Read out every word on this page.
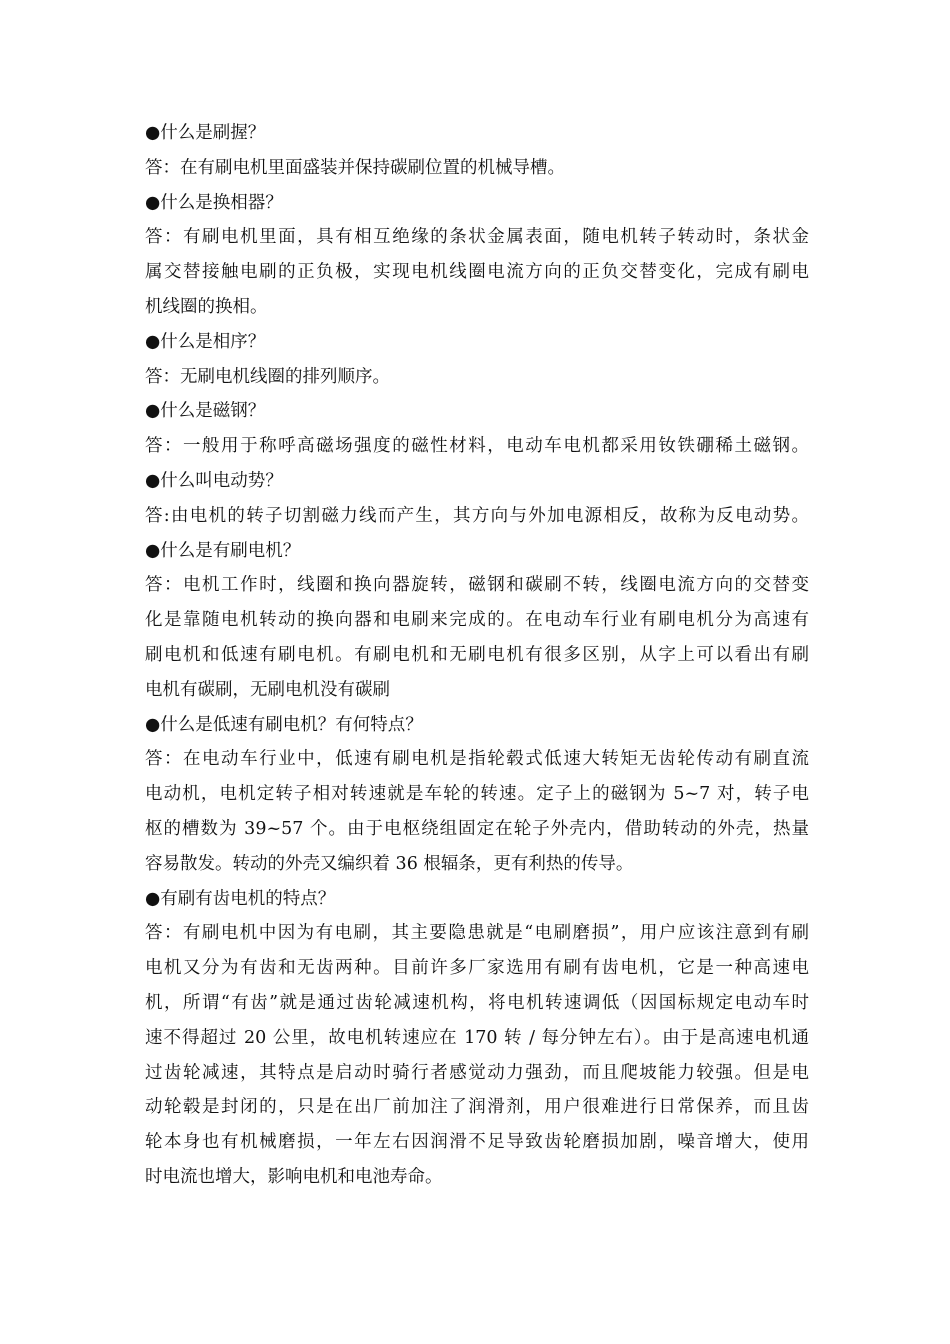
●什么是刷握？
答：在有刷电机里面盛装并保持碳刷位置的机械导槽。
●什么是换相器？
答：有刷电机里面，具有相互绝缘的条状金属表面，随电机转子转动时，条状金
属交替接触电刷的正负极，实现电机线圈电流方向的正负交替变化，完成有刷电
机线圈的换相。
●什么是相序？
答：无刷电机线圈的排列顺序。
●什么是磁钢？
答：一般用于称呼高磁场强度的磁性材料，电动车电机都采用钕铁硼稀土磁钢。
●什么叫电动势？
答:由电机的转子切割磁力线而产生，其方向与外加电源相反，故称为反电动势。
●什么是有刷电机？
答：电机工作时，线圈和换向器旋转，磁钢和碳刷不转，线圈电流方向的交替变
化是靠随电机转动的换向器和电刷来完成的。在电动车行业有刷电机分为高速有
刷电机和低速有刷电机。有刷电机和无刷电机有很多区别，从字上可以看出有刷
电机有碳刷，无刷电机没有碳刷
●什么是低速有刷电机？有何特点？
答：在电动车行业中，低速有刷电机是指轮毂式低速大转矩无齿轮传动有刷直流
电动机，电机定转子相对转速就是车轮的转速。定子上的磁钢为 5~7 对，转子电
枢的槽数为 39~57 个。由于电枢绕组固定在轮子外壳内，借助转动的外壳，热量
容易散发。转动的外壳又编织着 36 根辐条，更有利热的传导。
●有刷有齿电机的特点？
答：有刷电机中因为有电刷，其主要隐患就是“电刷磨损”，用户应该注意到有刷
电机又分为有齿和无齿两种。目前许多厂家选用有刷有齿电机，它是一种高速电
机，所谓“有齿”就是通过齿轮减速机构，将电机转速调低（因国标规定电动车时
速不得超过 20 公里，故电机转速应在 170 转 / 每分钟左右）。由于是高速电机通
过齿轮减速，其特点是启动时骑行者感觉动力强劲，而且爬坡能力较强。但是电
动轮毂是封闭的，只是在出厂前加注了润滑剂，用户很难进行日常保养，而且齿
轮本身也有机械磨损，一年左右因润滑不足导致齿轮磨损加剧，噪音增大，使用
时电流也增大，影响电机和电池寿命。
